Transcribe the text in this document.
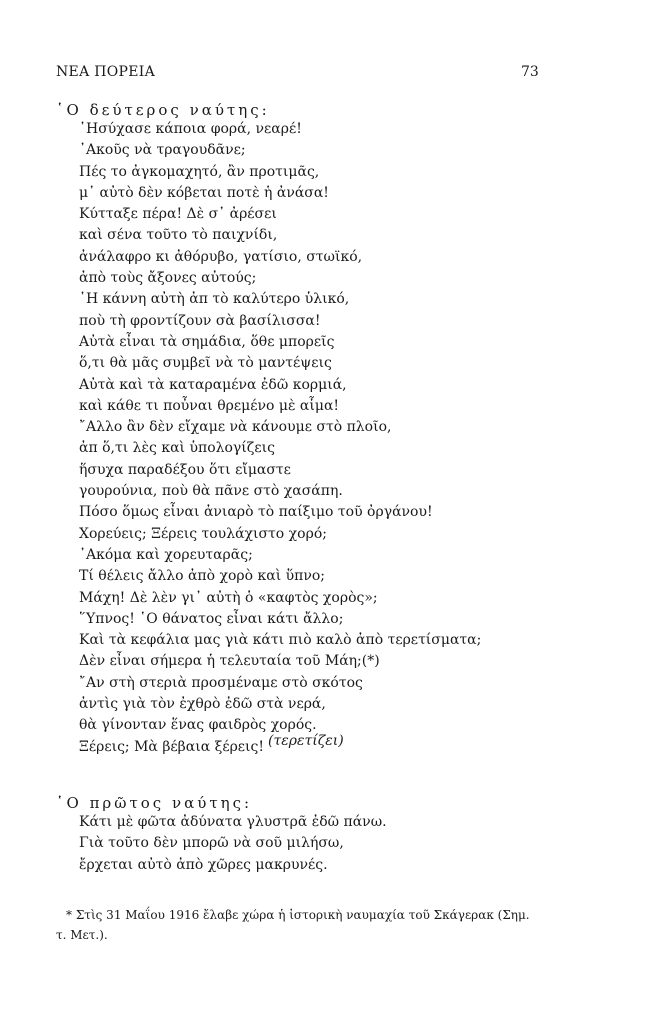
ΝΕΑ ΠΟΡΕΙΑ	73
῾Ο δεύτερος ναύτης:
῾Ησύχασε κάποια φορά, νεαρέ!
᾿Ακοῦς νὰ τραγουδᾶνε;
Πές το ἀγκομαχητό, ἂν προτιμᾶς,
μ᾿ αὐτὸ δὲν κόβεται ποτὲ ἡ ἀνάσα!
Κύτταξε πέρα! Δὲ σ᾿ ἀρέσει
καὶ σένα τοῦτο τὸ παιχνίδι,
ἀνάλαφρο κι ἀθόρυβο, γατίσιο, στωϊκό,
ἀπὸ τοὺς ἄξονες αὐτούς;
῾Η κάννη αὐτὴ ἀπ τὸ καλύτερο ὑλικό,
ποὺ τὴ φροντίζουν σὰ βασίλισσα!
Αὐτὰ εἶναι τὰ σημάδια, ὅθε μπορεῖς
ὅ,τι θὰ μᾶς συμβεῖ νὰ τὸ μαντέψεις
Αὐτὰ καὶ τὰ καταραμένα ἐδῶ κορμιά,
καὶ κάθε τι ποὖναι θρεμένο μὲ αἷμα!
῎Αλλο ἂν δὲν εἴχαμε νὰ κάνουμε στὸ πλοῖο,
ἀπ ὅ,τι λὲς καὶ ὑπολογίζεις
ἥσυχα παραδέξου ὅτι εἴμαστε
γουρούνια, ποὺ θὰ πᾶνε στὸ χασάπη.
Πόσο ὅμως εἶναι ἀνιαρὸ τὸ παίξιμο τοῦ ὀργάνου!
Χορεύεις; Ξέρεις τουλάχιστο χορό;
᾿Ακόμα καὶ χορευταρᾶς;
Τί θέλεις ἄλλο ἀπὸ χορὸ καὶ ὕπνο;
Μάχη! Δὲ λὲν γι᾿ αὐτὴ ὁ «καφτὸς χορὸς»;
῞Υπνος! ῾Ο θάνατος εἶναι κάτι ἄλλο;
Καὶ τὰ κεφάλια μας γιὰ κάτι πιὸ καλὸ ἀπὸ τερετίσματα;
Δὲν εἶναι σήμερα ἡ τελευταία τοῦ Μάη;(*)
῎Αν στὴ στεριὰ προσμέναμε στὸ σκότος
ἀντὶς γιὰ τὸν ἐχθρὸ ἐδῶ στὰ νερά,
θὰ γίνονταν ἕνας φαιδρὸς χορός.
Ξέρεις; Μὰ βέβαια ξέρεις! (τερετίζει)
῾Ο πρῶτος ναύτης:
Κάτι μὲ φῶτα ἀδύνατα γλυστρᾶ ἐδῶ πάνω.
Γιὰ τοῦτο δὲν μπορῶ νὰ σοῦ μιλήσω,
ἔρχεται αὐτὸ ἀπὸ χῶρες μακρυνές.
* Στὶς 31 Μαΐου 1916 ἔλαβε χώρα ἡ ἱστορικὴ ναυμαχία τοῦ Σκάγεραк (Σημ.
τ. Μετ.).
